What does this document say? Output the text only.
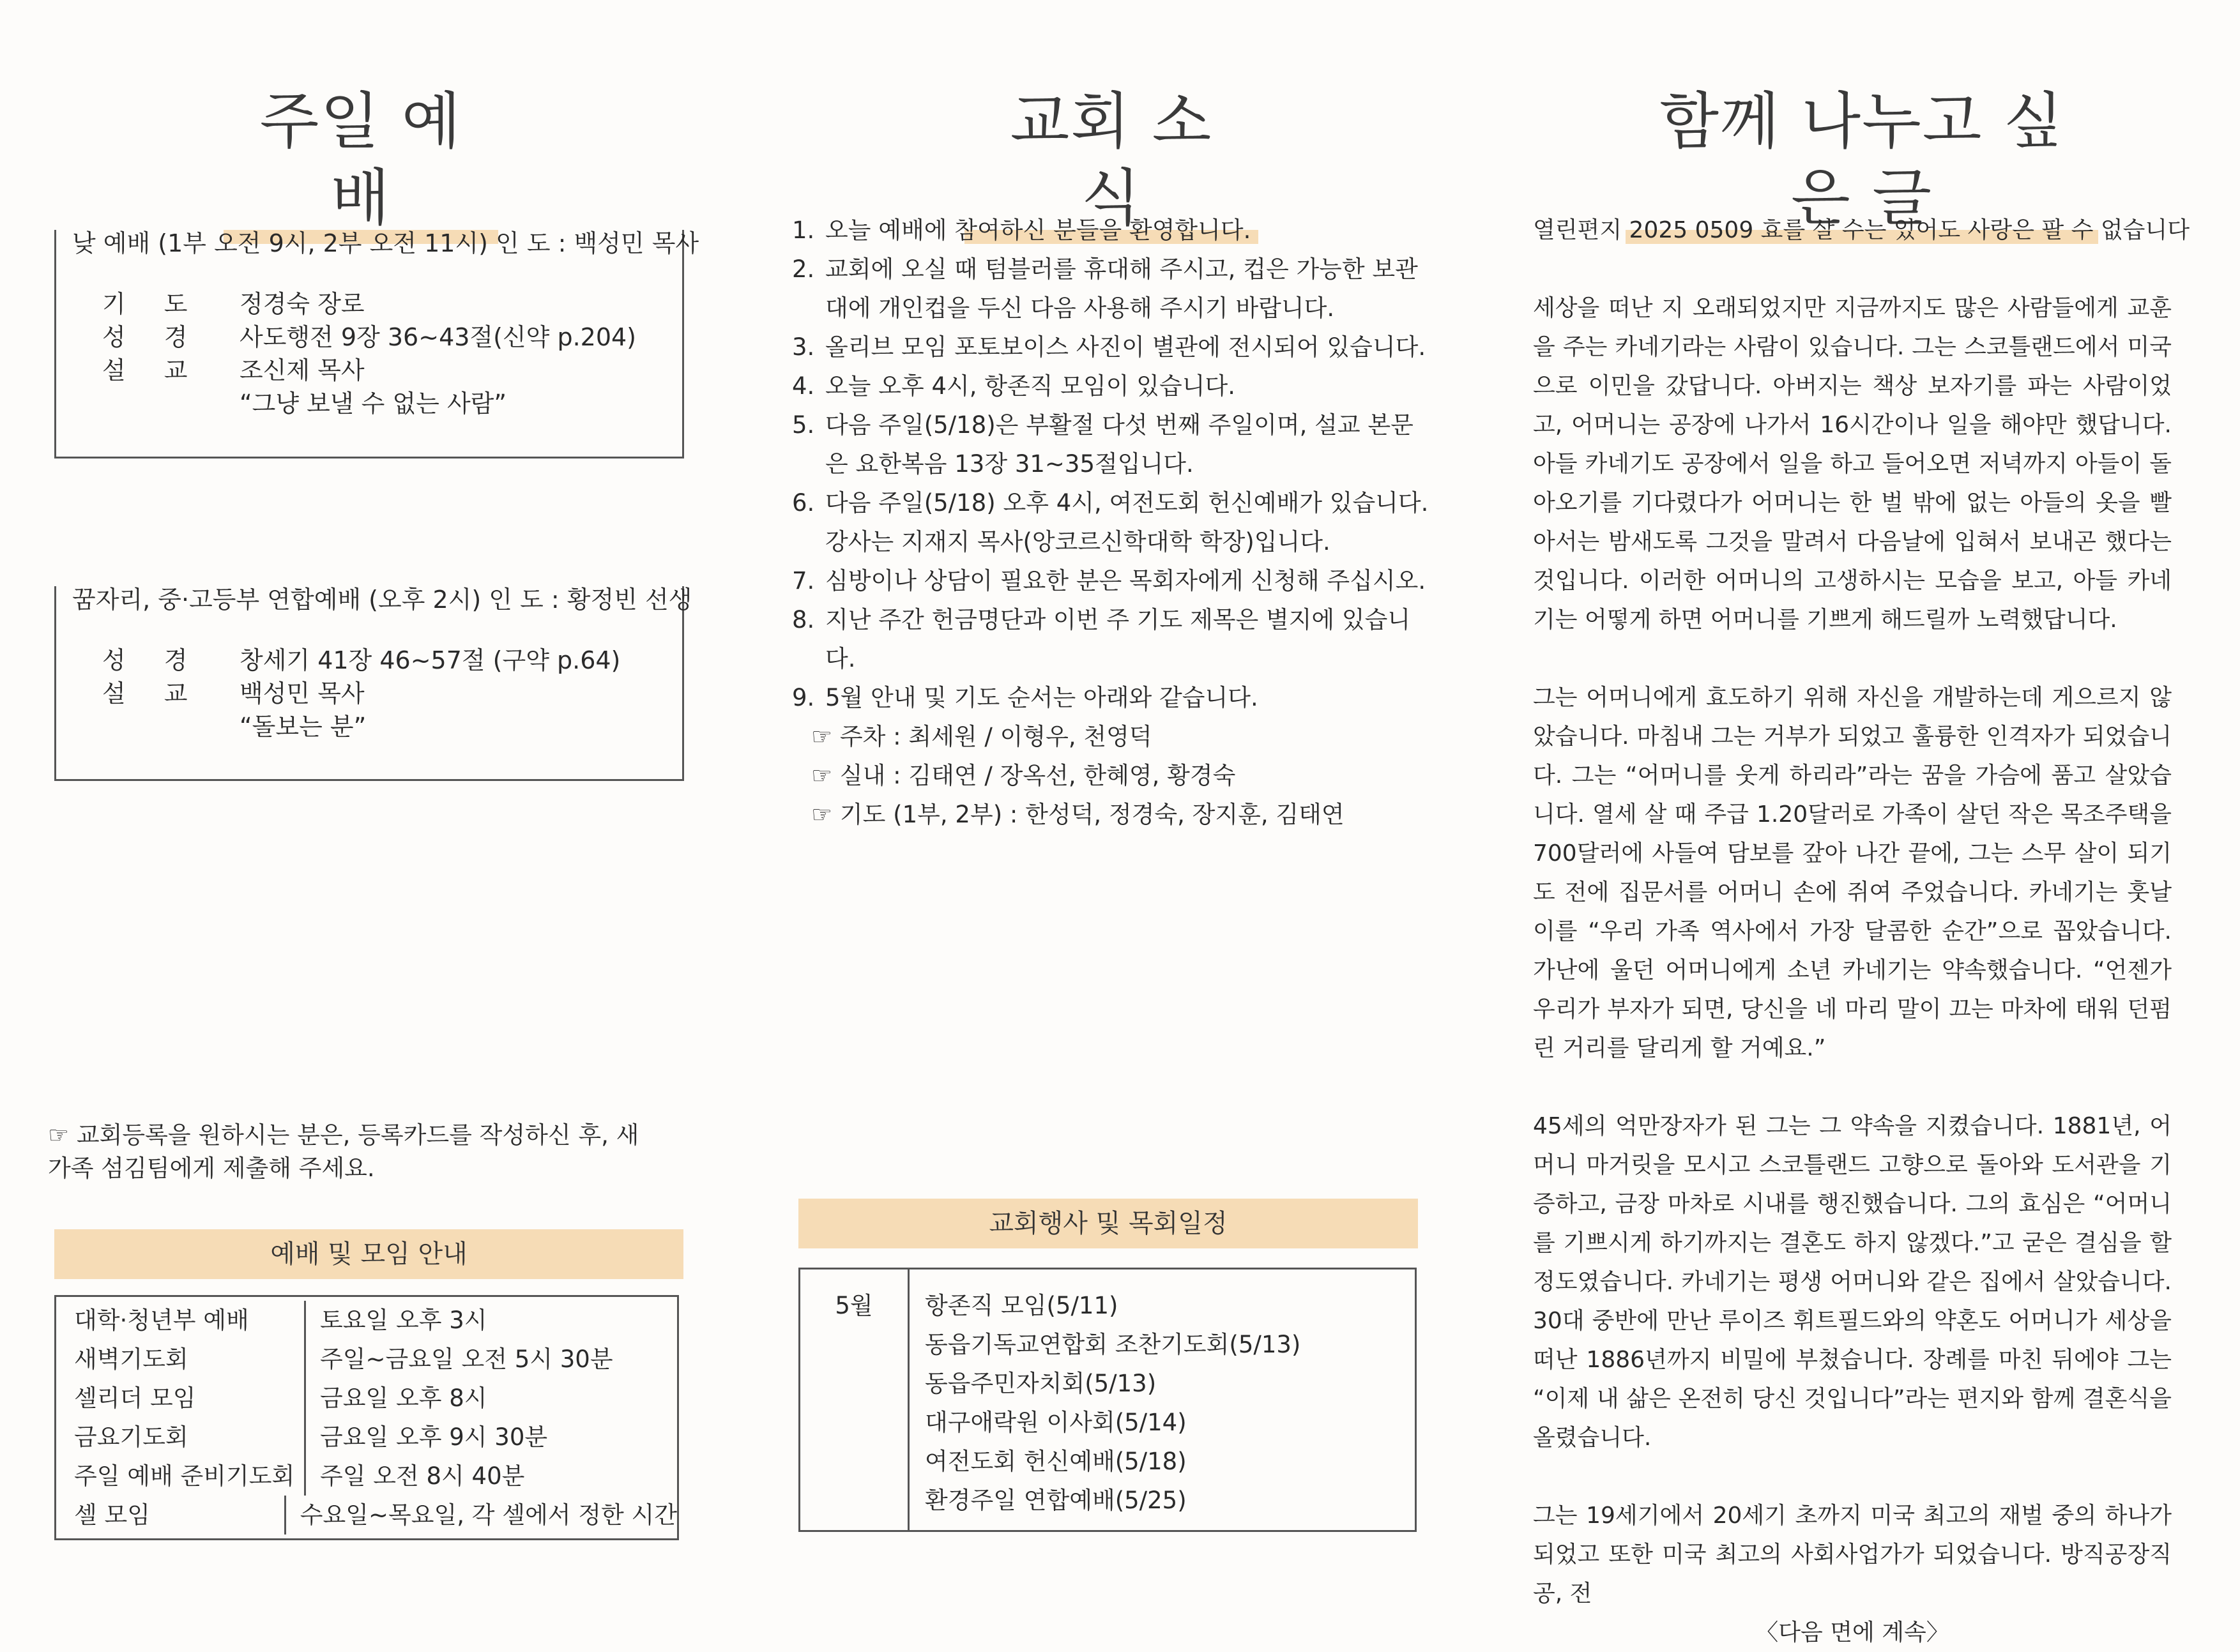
주일 예배
낮 예배 (1부 오전 9시, 2부 오전 11시) 인 도 : 백성민 목사
기 도	정경숙 장로
성 경	사도행전 9장 36~43절(신약 p.204)
설 교	조신제 목사
“그냥 보낼 수 없는 사람”
꿈자리, 중·고등부 연합예배 (오후 2시) 인 도 : 황정빈 선생
성 경	창세기 41장 46~57절 (구약 p.64)
설 교	백성민 목사
“돌보는 분”
☞ 교회등록을 원하시는 분은, 등록카드를 작성하신 후, 새가족 섬김팀에게 제출해 주세요.
예배 및 모임 안내
대학·청년부 예배	토요일 오후 3시
새벽기도회	주일~금요일 오전 5시 30분
셀리더 모임	금요일 오후 8시
금요기도회	금요일 오후 9시 30분
주일 예배 준비기도회	주일 오전 8시 40분
셀 모임	수요일~목요일, 각 셀에서 정한 시간
교회 소식
1. 오늘 예배에 참여하신 분들을 환영합니다.
2. 교회에 오실 때 텀블러를 휴대해 주시고, 컵은 가능한 보관대에 개인컵을 두신 다음 사용해 주시기 바랍니다.
3. 올리브 모임 포토보이스 사진이 별관에 전시되어 있습니다.
4. 오늘 오후 4시, 항존직 모임이 있습니다.
5. 다음 주일(5/18)은 부활절 다섯 번째 주일이며, 설교 본문은 요한복음 13장 31~35절입니다.
6. 다음 주일(5/18) 오후 4시, 여전도회 헌신예배가 있습니다. 강사는 지재지 목사(앙코르신학대학 학장)입니다.
7. 심방이나 상담이 필요한 분은 목회자에게 신청해 주십시오.
8. 지난 주간 헌금명단과 이번 주 기도 제목은 별지에 있습니다.
9. 5월 안내 및 기도 순서는 아래와 같습니다.
☞ 주차 : 최세원 / 이형우, 천영덕
☞ 실내 : 김태연 / 장옥선, 한혜영, 황경숙
☞ 기도 (1부, 2부) : 한성덕, 정경숙, 장지훈, 김태연
교회행사 및 목회일정
5월	항존직 모임(5/11)
동읍기독교연합회 조찬기도회(5/13)
동읍주민자치회(5/13)
대구애락원 이사회(5/14)
여전도회 헌신예배(5/18)
환경주일 연합예배(5/25)
함께 나누고 싶은 글
열린편지 2025 0509 효를 살 수는 있어도 사랑은 팔 수 없습니다

세상을 떠난 지 오래되었지만 지금까지도 많은 사람들에게 교훈을 주는 카네기라는 사람이 있습니다. 그는 스코틀랜드에서 미국으로 이민을 갔답니다. 아버지는 책상 보자기를 파는 사람이었고, 어머니는 공장에 나가서 16시간이나 일을 해야만 했답니다. 아들 카네기도 공장에서 일을 하고 들어오면 저녁까지 아들이 돌아오기를 기다렸다가 어머니는 한 벌 밖에 없는 아들의 옷을 빨아서는 밤새도록 그것을 말려서 다음날에 입혀서 보내곤 했다는 것입니다. 이러한 어머니의 고생하시는 모습을 보고, 아들 카네기는 어떻게 하면 어머니를 기쁘게 해드릴까 노력했답니다.

그는 어머니에게 효도하기 위해 자신을 개발하는데 게으르지 않았습니다. 마침내 그는 거부가 되었고 훌륭한 인격자가 되었습니다. 그는 “어머니를 웃게 하리라”라는 꿈을 가슴에 품고 살았습니다. 열세 살 때 주급 1.20달러로 가족이 살던 작은 목조주택을 700달러에 사들여 담보를 갚아 나간 끝에, 그는 스무 살이 되기도 전에 집문서를 어머니 손에 쥐여 주었습니다. 카네기는 훗날 이를 “우리 가족 역사에서 가장 달콤한 순간”으로 꼽았습니다. 가난에 울던 어머니에게 소년 카네기는 약속했습니다. “언젠가 우리가 부자가 되면, 당신을 네 마리 말이 끄는 마차에 태워 던펌린 거리를 달리게 할 거예요.”

45세의 억만장자가 된 그는 그 약속을 지켰습니다. 1881년, 어머니 마거릿을 모시고 스코틀랜드 고향으로 돌아와 도서관을 기증하고, 금장 마차로 시내를 행진했습니다. 그의 효심은 “어머니를 기쁘시게 하기까지는 결혼도 하지 않겠다.”고 굳은 결심을 할 정도였습니다. 카네기는 평생 어머니와 같은 집에서 살았습니다. 30대 중반에 만난 루이즈 휘트필드와의 약혼도 어머니가 세상을 떠난 1886년까지 비밀에 부쳤습니다. 장례를 마친 뒤에야 그는 “이제 내 삶은 온전히 당신 것입니다”라는 편지와 함께 결혼식을 올렸습니다.

그는 19세기에서 20세기 초까지 미국 최고의 재벌 중의 하나가 되었고 또한 미국 최고의 사회사업가가 되었습니다. 방직공장직공, 전

〈다음 면에 계속〉
